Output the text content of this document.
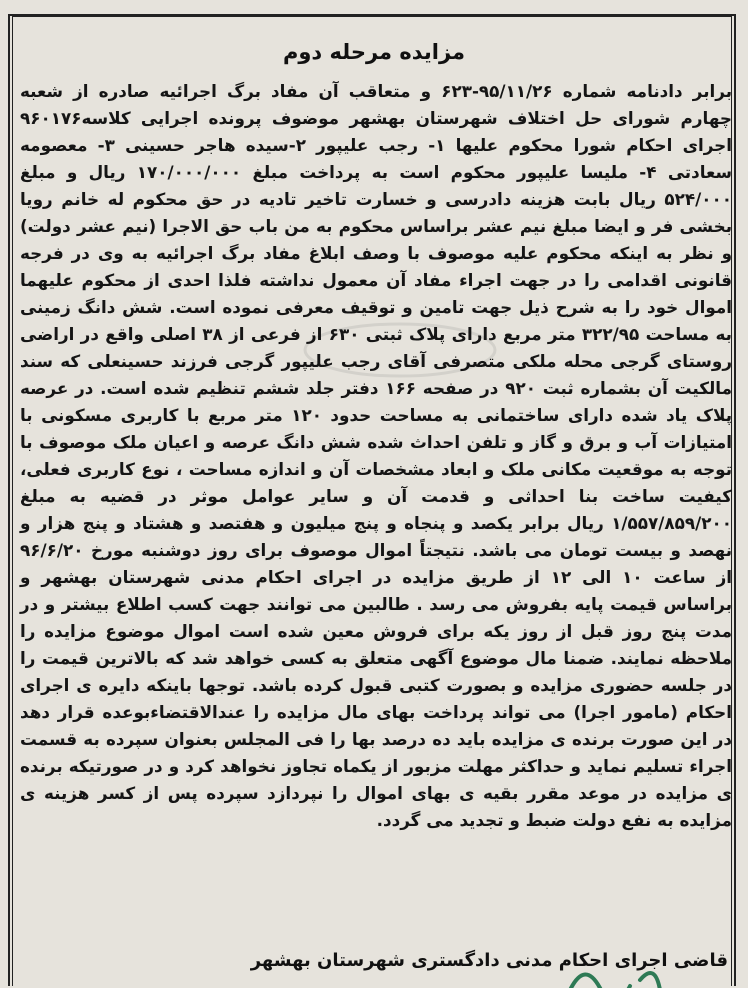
مزایده مرحله دوم
برابر دادنامه شماره ۹۵/۱۱/۲۶-۶۲۳ و متعاقب آن مفاد برگ اجرائیه صادره از شعبه چهارم شورای حل اختلاف شهرستان بهشهر موضوف پرونده اجرایی کلاسه۹۶۰۱۷۶ اجرای احکام شورا محکوم علیها ۱- رجب علیپور ۲-سیده هاجر حسینی ۳- معصومه سعادتی ۴- ملیسا علیپور محکوم است به پرداخت مبلغ ۱۷۰/۰۰۰/۰۰۰ ریال و مبلغ ۵۲۴/۰۰۰ ریال بابت هزینه دادرسی و خسارت تاخیر تادیه در حق محکوم له خانم رویا بخشی فر و ایضا مبلغ نیم عشر براساس محکوم به من باب حق الاجرا (نیم عشر دولت) و نظر به اینکه محکوم علیه موصوف با وصف ابلاغ مفاد برگ اجرائیه به وی در فرجه قانونی اقدامی را در جهت اجراء مفاد آن معمول نداشته فلذا احدی از محکوم علیهما اموال خود را به شرح ذیل جهت تامین و توقیف معرفی نموده است. شش دانگ زمینی به مساحت ۳۲۲/۹۵ متر مربع دارای پلاک ثبتی ۶۳۰ از فرعی از ۳۸ اصلی واقع در اراضی روستای گرجی محله ملکی متصرفی آقای رجب علیپور گرجی فرزند حسینعلی که سند مالکیت آن بشماره ثبت ۹۲۰ در صفحه ۱۶۶ دفتر جلد ششم تنظیم شده است. در عرصه پلاک یاد شده دارای ساختمانی به مساحت حدود ۱۲۰ متر مربع با کاربری مسکونی با امتیازات آب و برق و گاز و تلفن احداث شده شش دانگ عرصه و اعیان ملک موصوف با توجه به موقعیت مکانی ملک و ابعاد مشخصات آن و اندازه مساحت ، نوع کاربری فعلی، کیفیت ساخت بنا احداثی و قدمت آن و سایر عوامل موثر در قضیه به مبلغ ۱/۵۵۷/۸۵۹/۲۰۰ ریال برابر یکصد و پنجاه و پنج میلیون و هفتصد و هشتاد و پنج هزار و نهصد و بیست تومان می باشد. نتیجتاً اموال موصوف برای روز دوشنبه مورخ ۹۶/۶/۲۰ از ساعت ۱۰ الی ۱۲ از طریق مزایده در اجرای احکام مدنی شهرستان بهشهر و براساس قیمت پایه بفروش می رسد . طالبین می توانند جهت کسب اطلاع بیشتر و در مدت پنج روز قبل از روز یکه برای فروش معین شده است اموال موضوع مزایده را ملاحظه نمایند. ضمنا مال موضوع آگهی متعلق به کسی خواهد شد که بالاترین قیمت را در جلسه حضوری مزایده و بصورت کتبی قبول کرده باشد. توجها باینکه دایره ی اجرای احکام (مامور اجرا) می تواند پرداخت بهای مال مزایده را عندالاقتضاءبوعده قرار دهد در این صورت برنده ی مزایده باید ده درصد بها را فی المجلس بعنوان سپرده به قسمت اجراء تسلیم نماید و حداکثر مهلت مزبور از یکماه تجاوز نخواهد کرد و در صورتیکه برنده ی مزایده در موعد مقرر بقیه ی بهای اموال را نپردازد سپرده پس از کسر هزینه ی مزایده به نفع دولت ضبط و تجدید می گردد.
قاضی اجرای احکام مدنی دادگستری شهرستان بهشهر
